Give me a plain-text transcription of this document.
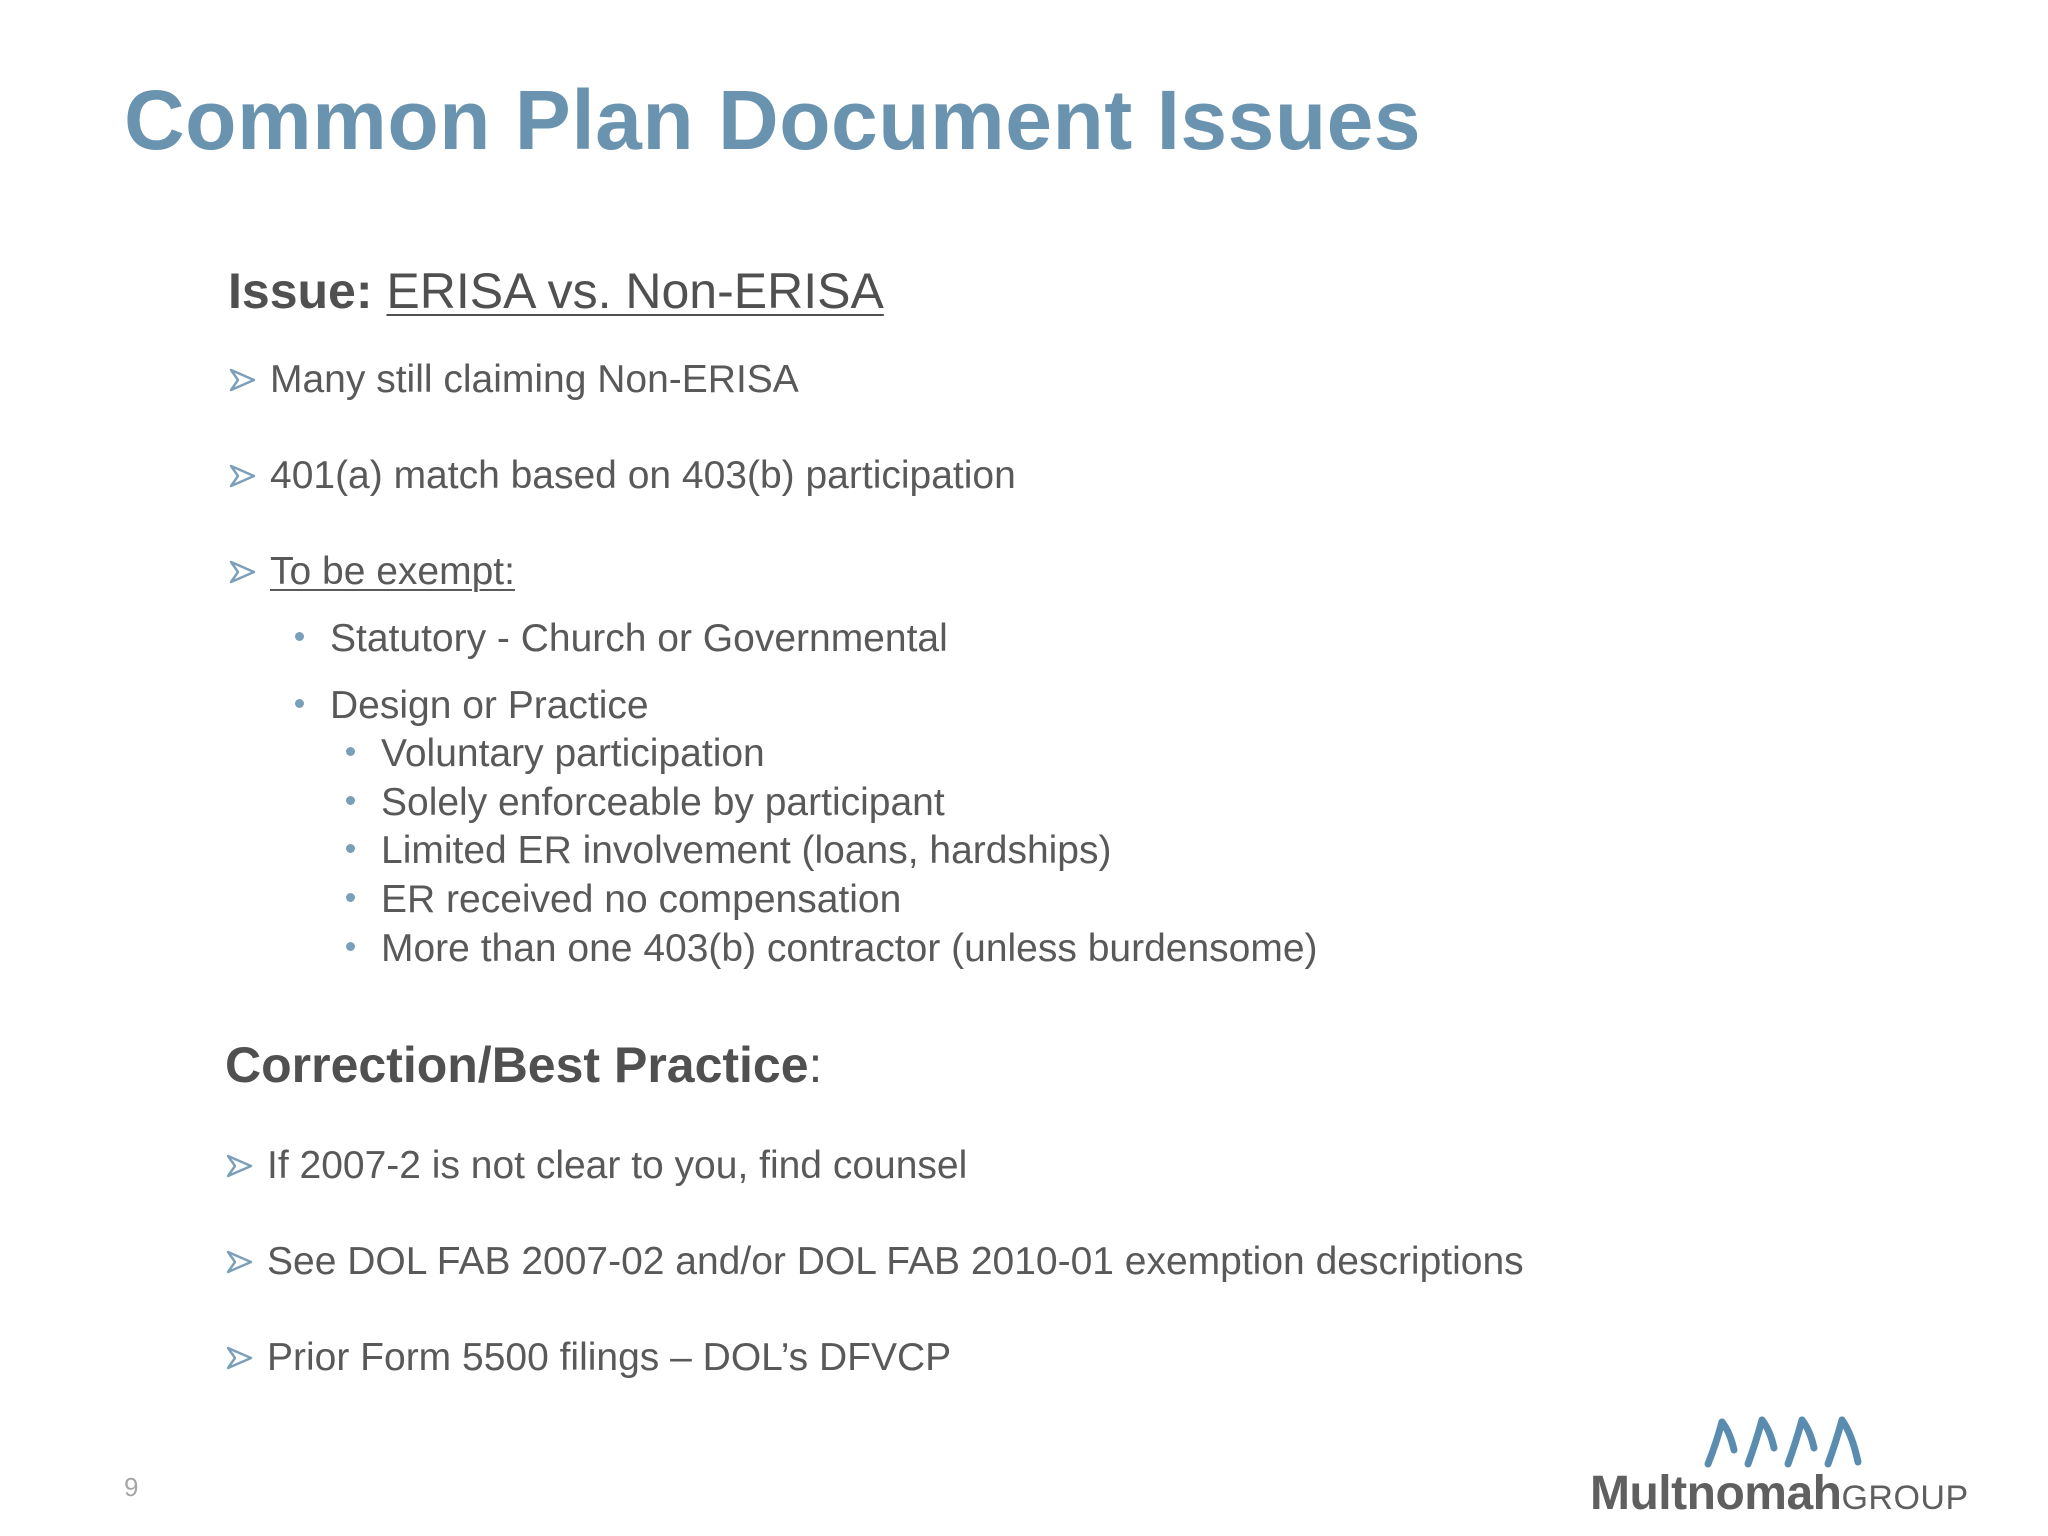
Common Plan Document Issues
Issue: ERISA vs. Non-ERISA
Many still claiming Non-ERISA
401(a) match based on 403(b) participation
To be exempt:
Statutory - Church or Governmental
Design or Practice
Voluntary participation
Solely enforceable by participant
Limited ER involvement (loans, hardships)
ER received no compensation
More than one 403(b) contractor (unless burdensome)
Correction/Best Practice:
If 2007-2 is not clear to you, find counsel
See DOL FAB 2007-02 and/or DOL FAB 2010-01 exemption descriptions
Prior Form 5500 filings – DOL’s DFVCP
9	MultnomahGROUP
